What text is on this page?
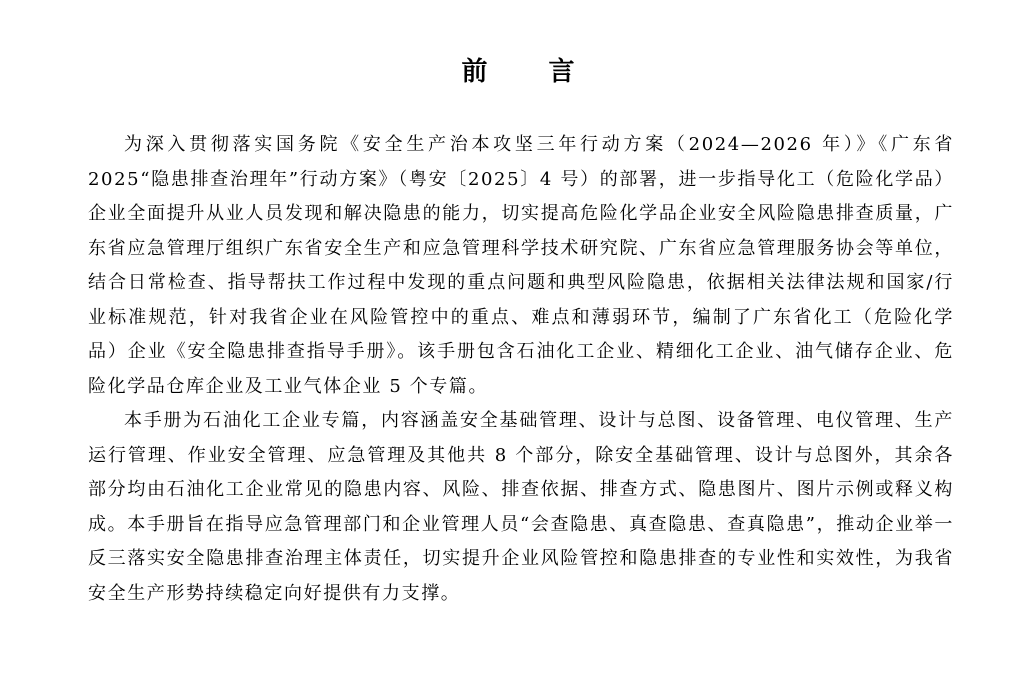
前 言

为深入贯彻落实国务院《安全生产治本攻坚三年行动方案（2024—2026 年）》《广东省 2025“隐患排查治理年”行动方案》（粤安〔2025〕4 号）的部署，进一步指导化工（危险化学品）企业全面提升从业人员发现和解决隐患的能力，切实提高危险化学品企业安全风险隐患排查质量，广东省应急管理厅组织广东省安全生产和应急管理科学技术研究院、广东省应急管理服务协会等单位，结合日常检查、指导帮扶工作过程中发现的重点问题和典型风险隐患，依据相关法律法规和国家/行业标准规范，针对我省企业在风险管控中的重点、难点和薄弱环节，编制了广东省化工（危险化学品）企业《安全隐患排查指导手册》。该手册包含石油化工企业、精细化工企业、油气储存企业、危险化学品仓库企业及工业气体企业 5 个专篇。

本手册为石油化工企业专篇，内容涵盖安全基础管理、设计与总图、设备管理、电仪管理、生产运行管理、作业安全管理、应急管理及其他共 8 个部分，除安全基础管理、设计与总图外，其余各部分均由石油化工企业常见的隐患内容、风险、排查依据、排查方式、隐患图片、图片示例或释义构成。本手册旨在指导应急管理部门和企业管理人员“会查隐患、真查隐患、查真隐患”，推动企业举一反三落实安全隐患排查治理主体责任，切实提升企业风险管控和隐患排查的专业性和实效性，为我省安全生产形势持续稳定向好提供有力支撑。
